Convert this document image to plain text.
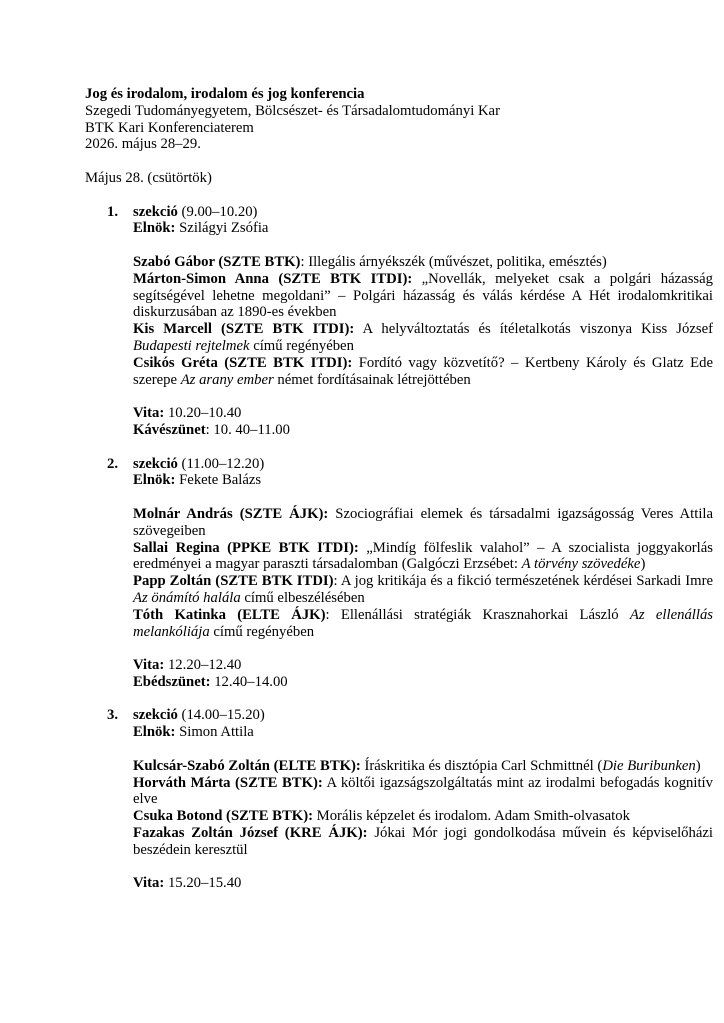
Jog és irodalom, irodalom és jog konferencia

Szegedi Tudományegyetem, Bölcsészet- és Társadalomtudományi Kar

BTK Kari Konferenciaterem

2026. május 28–29.

Május 28. (csütörtök)

1. szekció (9.00–10.20)

Elnök: Szilágyi Zsófia

Szabó Gábor (SZTE BTK): Illegális árnyékszék (művészet, politika, emésztés)

Márton-Simon Anna (SZTE BTK ITDI): „Novellák, melyeket csak a polgári házasság segítségével lehetne megoldani” – Polgári házasság és válás kérdése A Hét irodalomkritikai diskurzusában az 1890-es években

Kis Marcell (SZTE BTK ITDI): A helyváltoztatás és ítéletalkotás viszonya Kiss József Budapesti rejtelmek című regényében

Csikós Gréta (SZTE BTK ITDI): Fordító vagy közvetítő? – Kertbeny Károly és Glatz Ede szerepe Az arany ember német fordításainak létrejöttében

Vita: 10.20–10.40

Kávészünet: 10. 40–11.00

2. szekció (11.00–12.20)

Elnök: Fekete Balázs

Molnár András (SZTE ÁJK): Szociográfiai elemek és társadalmi igazságosság Veres Attila szövegeiben

Sallai Regina (PPKE BTK ITDI): „Mindíg fölfeslik valahol” – A szocialista joggyakorlás eredményei a magyar paraszti társadalomban (Galgóczi Erzsébet: A törvény szövedéke)

Papp Zoltán (SZTE BTK ITDI): A jog kritikája és a fikció természetének kérdései Sarkadi Imre Az önámító halála című elbeszélésében

Tóth Katinka (ELTE ÁJK): Ellenállási stratégiák Krasznahorkai László Az ellenállás melankóliája című regényében

Vita: 12.20–12.40

Ebédszünet: 12.40–14.00

3. szekció (14.00–15.20)

Elnök: Simon Attila

Kulcsár-Szabó Zoltán (ELTE BTK): Íráskritika és disztópia Carl Schmittnél (Die Buribunken)

Horváth Márta (SZTE BTK): A költői igazságszolgáltatás mint az irodalmi befogadás kognitív elve

Csuka Botond (SZTE BTK): Morális képzelet és irodalom. Adam Smith-olvasatok

Fazakas Zoltán József (KRE ÁJK): Jókai Mór jogi gondolkodása művein és képviselőházi beszédein keresztül

Vita: 15.20–15.40
